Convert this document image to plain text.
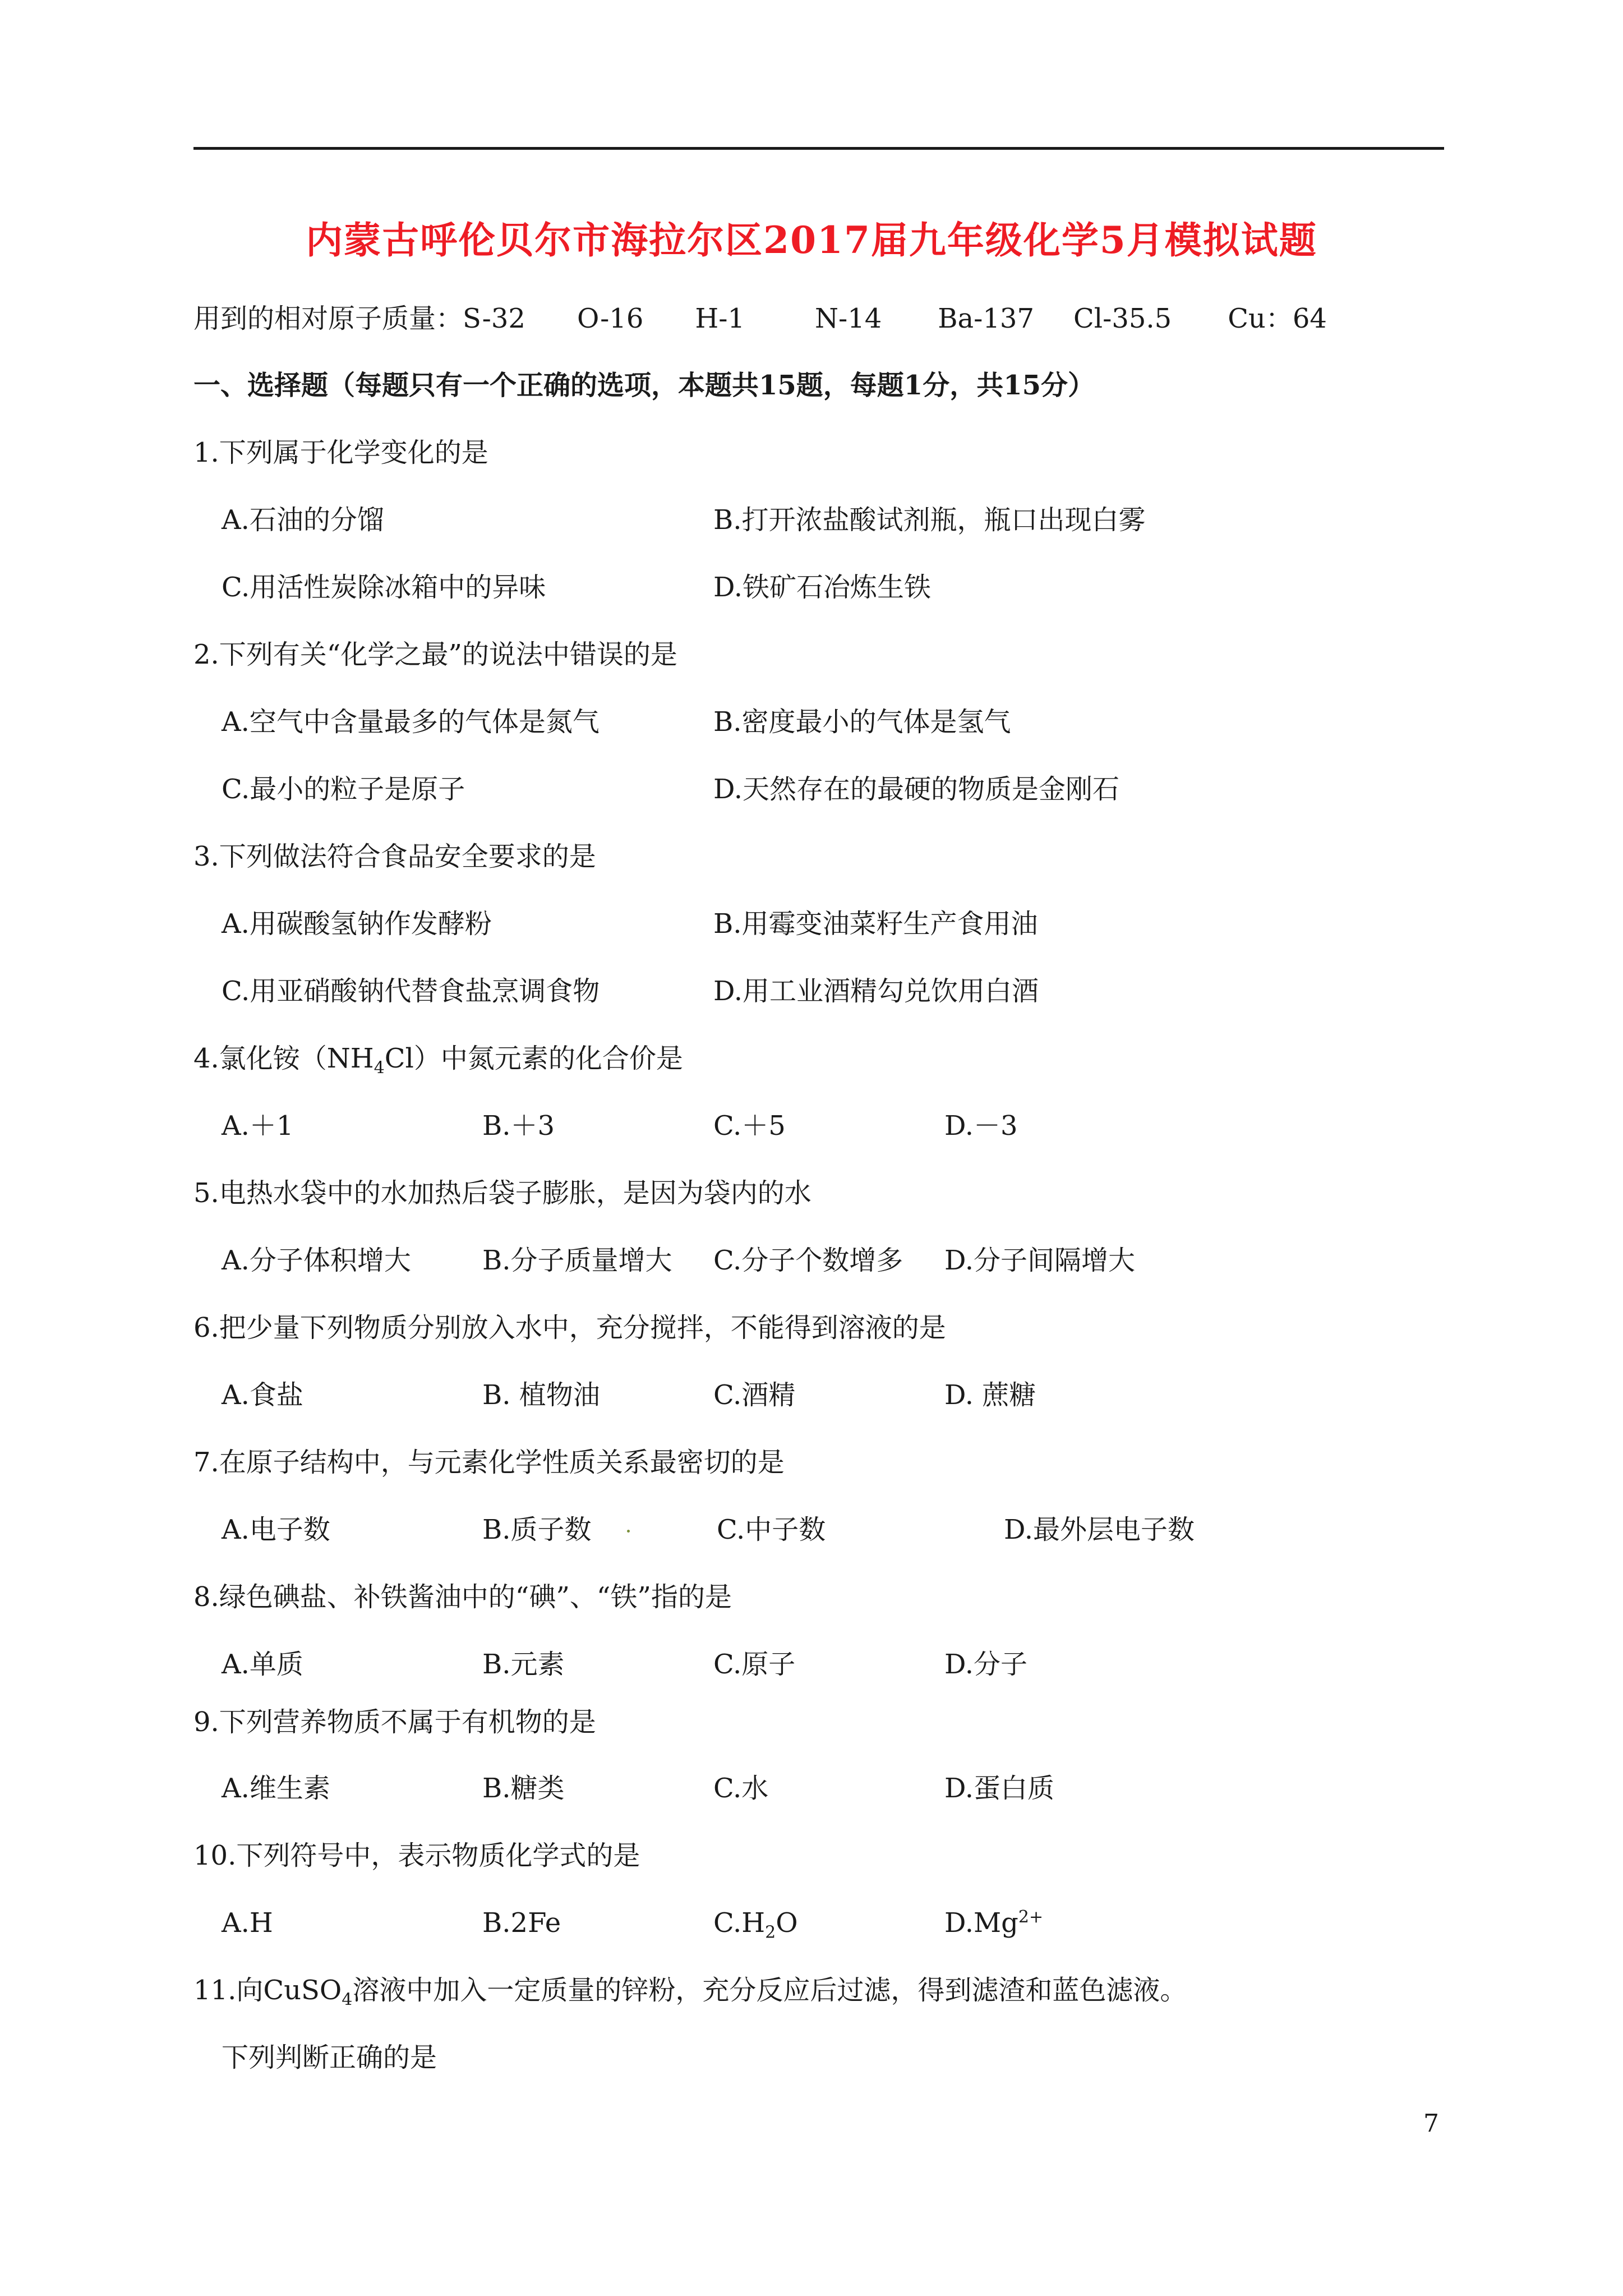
内蒙古呼伦贝尔市海拉尔区2017届九年级化学5月模拟试题
用到的相对原子质量： S-32 O-16 H-1	N-14 Ba-137 Cl-35.5 Cu：64
一、选择题（每题只有一个正确的选项，本题共15题，每题1分，共15分）
1.下列属于化学变化的是
A.石油的分馏	B.打开浓盐酸试剂瓶，瓶口出现白雾
C.用活性炭除冰箱中的异味	D.铁矿石冶炼生铁
2.下列有关“化学之最”的说法中错误的是
A.空气中含量最多的气体是氮气	B.密度最小的气体是氢气
C.最小的粒子是原子	D.天然存在的最硬的物质是金刚石
3.下列做法符合食品安全要求的是
A.用碳酸氢钠作发酵粉	B.用霉变油菜籽生产食用油
C.用亚硝酸钠代替食盐烹调食物	D.用工业酒精勾兑饮用白酒
4.氯化铵$(NH_4Cl)$中氮元素的化合价是
A.＋1	B.＋3	C.＋5	D.－3
5.电热水袋中的水加热后袋子膨胀，是因为袋内的水
A.分子体积增大	B.分子质量增大 C.分子个数增多 D.分子间隔增大
6.把少量下列物质分别放入水中，充分搅拌，不能得到溶液的是
A.食盐	B. 植物油	C.酒精	D. 蔗糖
7.在原子结构中，与元素化学性质关系最密切的是
A.电子数	B.质子数	C.中子数	D.最外层电子数
8.绿色碘盐、补铁酱油中的“碘”、“铁”指的是
A.单质	B.元素	C.原子	D.分子
9.下列营养物质不属于有机物的是
A.维生素	B.糖类	C.水	D.蛋白质
10.下列符号中，表示物质化学式的是
A.H	B.2Fe	$C.H_2O$	$D.Mg^{2+}$
11.向CuSO$_4$溶液中加入一定质量的锌粉，充分反应后过滤，得到滤渣和蓝色滤液。
下列判断正确的是
7
